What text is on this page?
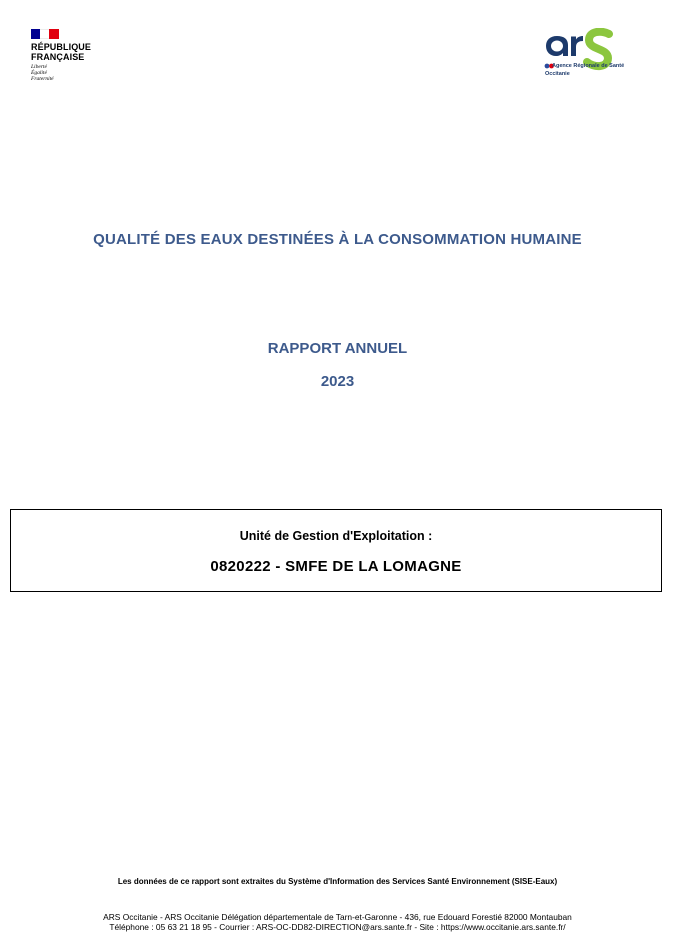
RÉPUBLIQUE
FRANÇAISE
Liberté
Égalité
Fraternité
Agence Régionale de Santé
Occitanie
QUALITÉ DES EAUX DESTINÉES À LA CONSOMMATION HUMAINE
RAPPORT ANNUEL
2023
Unité de Gestion d'Exploitation :
0820222 - SMFE DE LA LOMAGNE
Les données de ce rapport sont extraites du Système d'Information des Services Santé Environnement (SISE-Eaux)
ARS Occitanie - ARS Occitanie Délégation départementale de Tarn-et-Garonne - 436, rue Edouard Forestié 82000 Montauban
Téléphone : 05 63 21 18 95 - Courrier : ARS-OC-DD82-DIRECTION@ars.sante.fr - Site : https://www.occitanie.ars.sante.fr/
